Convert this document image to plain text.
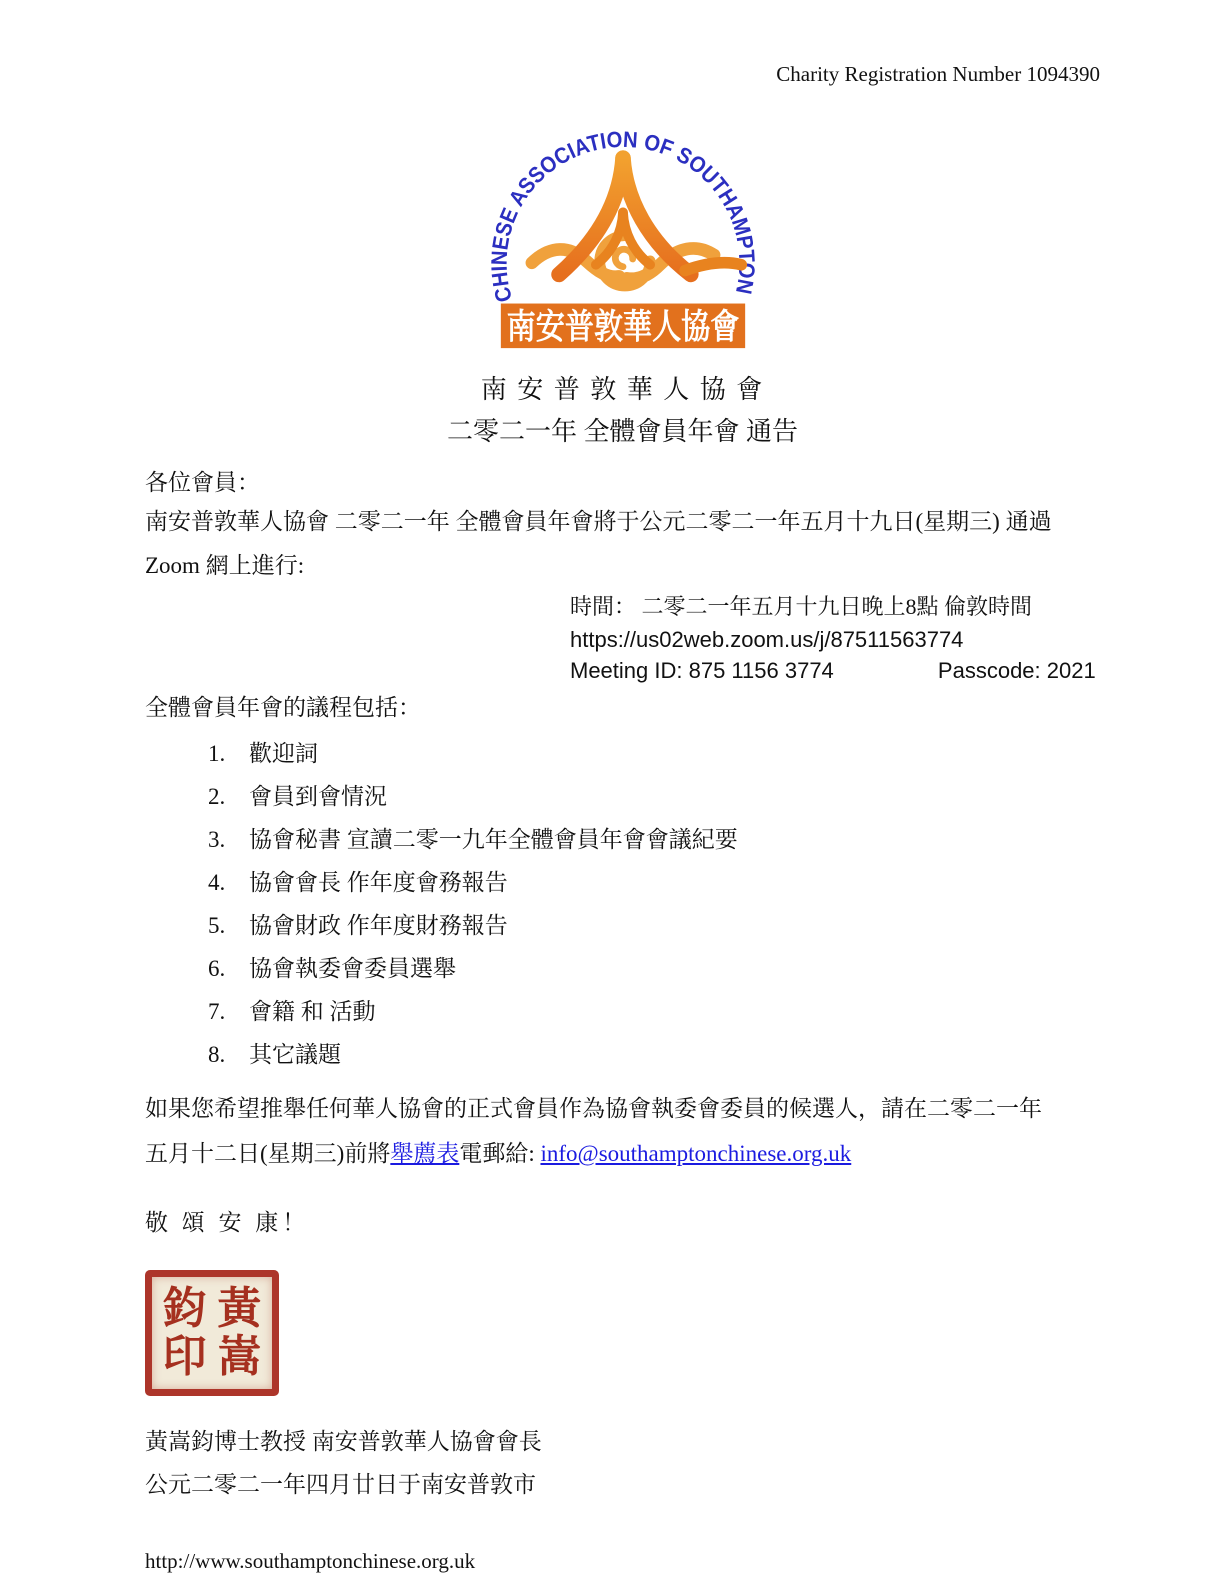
Charity Registration Number 1094390
CHINESE ASSOCIATION OF SOUTHAMPTON
南安普敦華人協會
南 安 普 敦 華 人 協 會
二零二一年 全體會員年會 通告
各位會員：
南安普敦華人協會 二零二一年 全體會員年會將于公元二零二一年五月十九日(星期三) 通過
Zoom 網上進行:
時間： 二零二一年五月十九日晚上8點 倫敦時間
https://us02web.zoom.us/j/87511563774
Meeting ID: 875 1156 3774	Passcode: 2021
全體會員年會的議程包括：
歡迎詞
會員到會情況
協會秘書 宣讀二零一九年全體會員年會會議紀要
協會會長 作年度會務報告
協會財政 作年度財務報告
協會執委會委員選舉
會籍 和 活動
其它議題
如果您希望推舉任何華人協會的正式會員作為協會執委會委員的候選人，請在二零二一年
五月十二日(星期三)前將舉薦表電郵給: info@southamptonchinese.org.uk
敬 頌 安 康！
黃
嵩
鈞
印
黃嵩鈞博士教授 南安普敦華人協會會長
公元二零二一年四月廿日于南安普敦市
http://www.southamptonchinese.org.uk
